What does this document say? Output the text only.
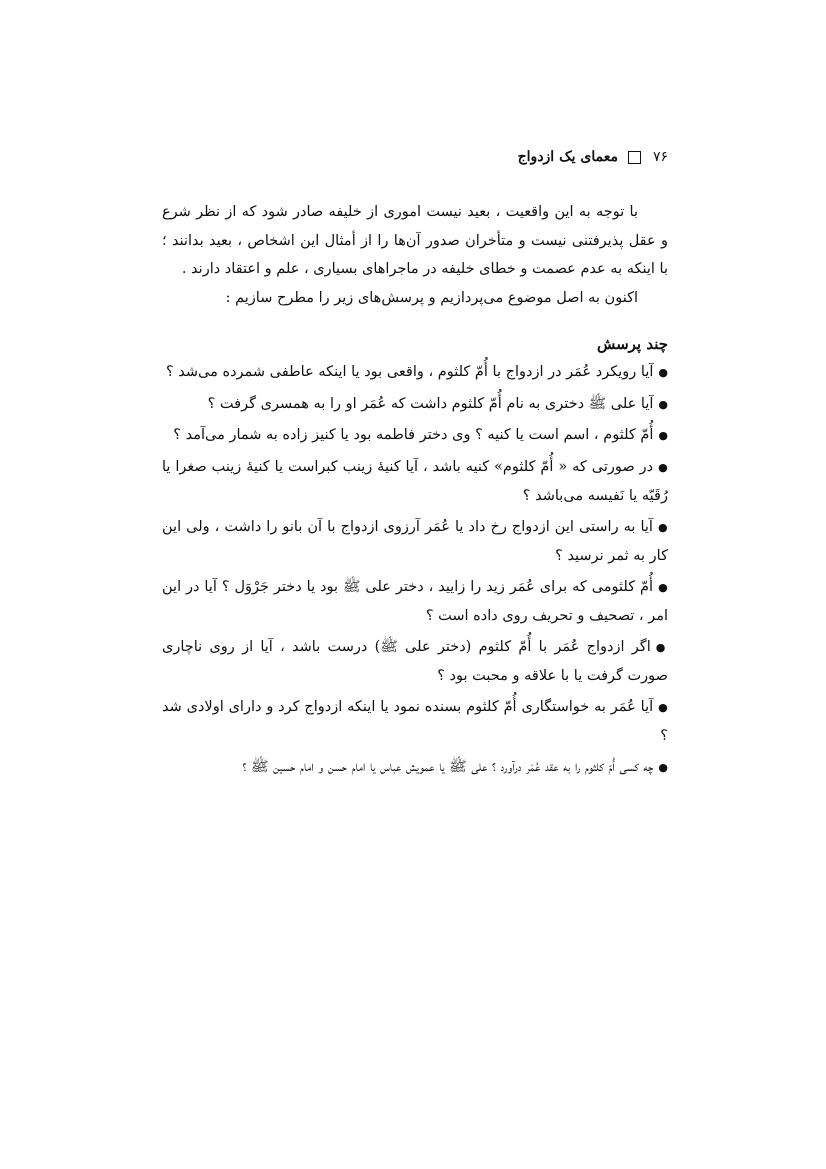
۷۶
معمای یک ازدواج

با توجه به این واقعیت ، بعید نیست اموری از خلیفه صادر شود که از نظر شرع و عقل پذیرفتنی نیست و متأخران صدور آن‌ها را از أمثال این اشخاص ، بعید بدانند ؛ با اینکه به عدم عصمت و خطای خلیفه در ماجراهای بسیاری ، علم و اعتقاد دارند .

اکنون به اصل موضوع می‌پردازیم و پرسش‌های زیر را مطرح سازیم :

چند پرسش

●آیا رویکرد عُمَر در ازدواج با أُمّ کلثوم ، واقعی بود یا اینکه عاطفی شمرده می‌شد ؟

●آیا علی ﷺ دختری به نام أُمّ کلثوم داشت که عُمَر او را به همسری گرفت ؟

●أُمّ کلثوم ، اسم است یا کنیه ؟ وی دختر فاطمه بود یا کنیز زاده به شمار می‌آمد ؟

●در صورتی که « أُمّ کلثوم» کنیه باشد ، آیا کنیهٔ زینب کبراست یا کنیهٔ زینب صغرا یا رُقَیّه یا نَفیسه می‌باشد ؟

●آیا به راستی این ازدواج رخ داد یا عُمَر آرزوی ازدواج با آن بانو را داشت ، ولی این کار به ثمر نرسید ؟

●أُمّ کلثومی که برای عُمَر زید را زایید ، دختر علی ﷺ بود یا دختر جَرْوَل ؟ آیا در این امر ، تصحیف و تحریف روی داده است ؟

●اگر ازدواج عُمَر با أُمّ کلثوم (دختر علی ﷺ) درست باشد ، آیا از روی ناچاری صورت گرفت یا با علاقه و محبت بود ؟

●آیا عُمَر به خواستگاری أُمّ کلثوم بسنده نمود یا اینکه ازدواج کرد و دارای اولادی شد ؟

●چه کسی أُمّ کلثوم را به عقد عُمَر درآورد ؟ علی ﷺ یا عمویش عباس یا امام حسن و امام حسین ﷺ ؟
